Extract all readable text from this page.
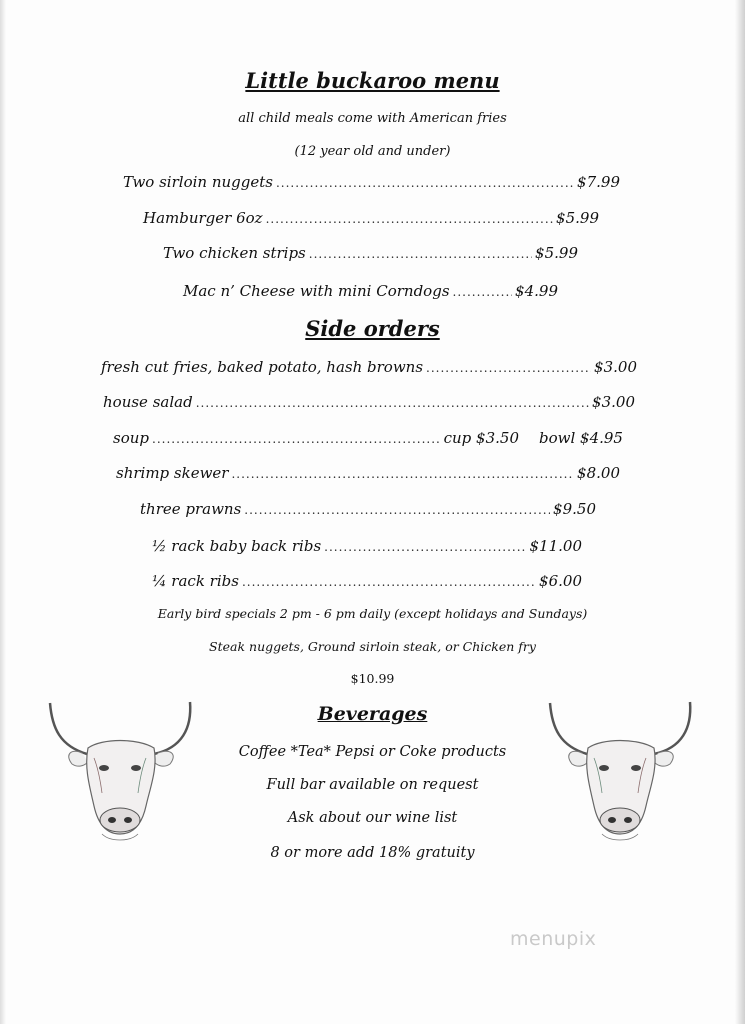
Little buckaroo menu
all child meals come with American fries
(12 year old and under)
Two sirloin nuggets .....	$7.99
Hamburger 6oz .....	$5.99
Two chicken strips .....	$5.99
Mac n’ Cheese with mini Corndogs .....	$4.99
Side orders
fresh cut fries, baked potato, hash browns .....	$3.00
house salad .....	$3.00
soup .....	cup $3.50 bowl $4.95
shrimp skewer .....	$8.00
three prawns .....	$9.50
½ rack baby back ribs .....	$11.00
¼ rack ribs .....	$6.00
Early bird specials 2 pm - 6 pm daily (except holidays and Sundays)
Steak nuggets, Ground sirloin steak, or Chicken fry
$10.99
Beverages
Coffee *Tea* Pepsi or Coke products
Full bar available on request
Ask about our wine list
8 or more add 18% gratuity
menupix
